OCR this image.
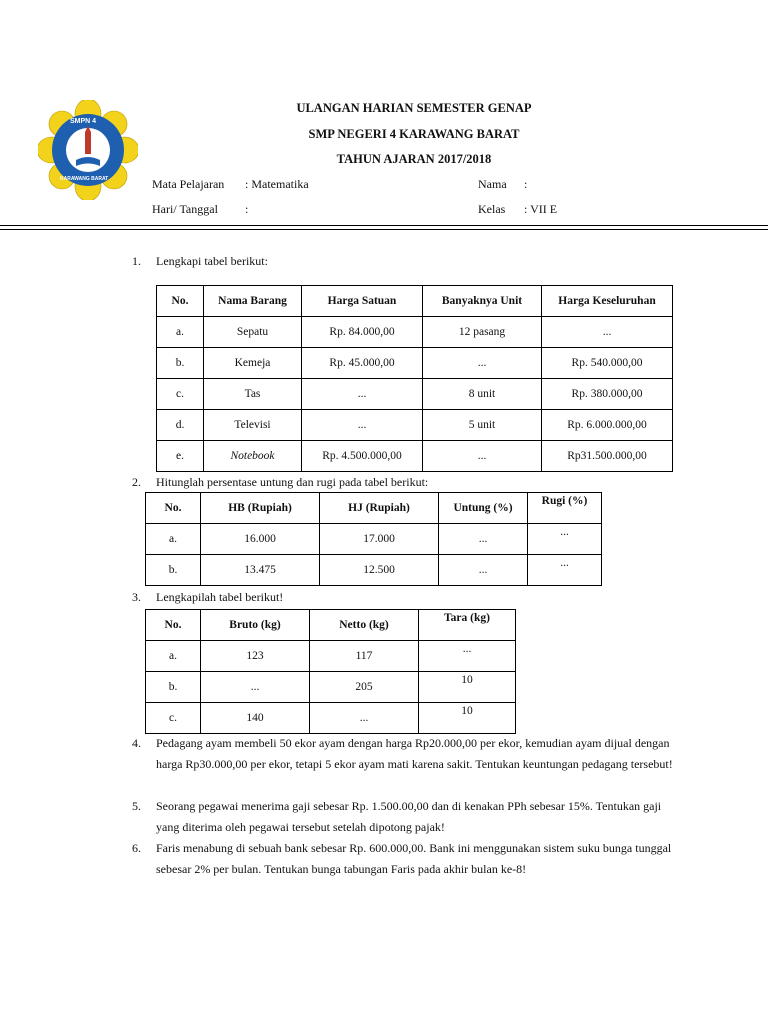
SMPN 4
KARAWANG BARAT
ULANGAN HARIAN SEMESTER GENAP
SMP NEGERI 4 KARAWANG BARAT
TAHUN AJARAN 2017/2018
Mata Pelajaran : Matematika	Nama :
Hari/ Tanggal :	Kelas : VII E
1.	Lengkapi tabel berikut:
No.	Nama Barang	Harga Satuan	Banyaknya Unit	Harga Keseluruhan
a.	Sepatu	Rp. 84.000,00	12 pasang	...
b.	Kemeja	Rp. 45.000,00	...	Rp. 540.000,00
c.	Tas	...	8 unit	Rp. 380.000,00
d.	Televisi	...	5 unit	Rp. 6.000.000,00
e.	Notebook	Rp. 4.500.000,00	...	Rp31.500.000,00
2.	Hitunglah persentase untung dan rugi pada tabel berikut:
No.	HB (Rupiah)	HJ (Rupiah)	Untung (%)	Rugi (%)
a.	16.000	17.000	...	...
b.	13.475	12.500	...	...
3.	Lengkapilah tabel berikut!
No.	Bruto (kg)	Netto (kg)	Tara (kg)
a.	123	117	...
b.	...	205	10
c.	140	...	10
4.	Pedagang ayam membeli 50 ekor ayam dengan harga Rp20.000,00 per ekor, kemudian ayam dijual dengan harga Rp30.000,00 per ekor, tetapi 5 ekor ayam mati karena sakit. Tentukan keuntungan pedagang tersebut!
5.	Seorang pegawai menerima gaji sebesar Rp. 1.500.00,00 dan di kenakan PPh sebesar 15%. Tentukan gaji yang diterima oleh pegawai tersebut setelah dipotong pajak!
6.	Faris menabung di sebuah bank sebesar Rp. 600.000,00. Bank ini menggunakan sistem suku bunga tunggal sebesar 2% per bulan. Tentukan bunga tabungan Faris pada akhir bulan ke-8!
